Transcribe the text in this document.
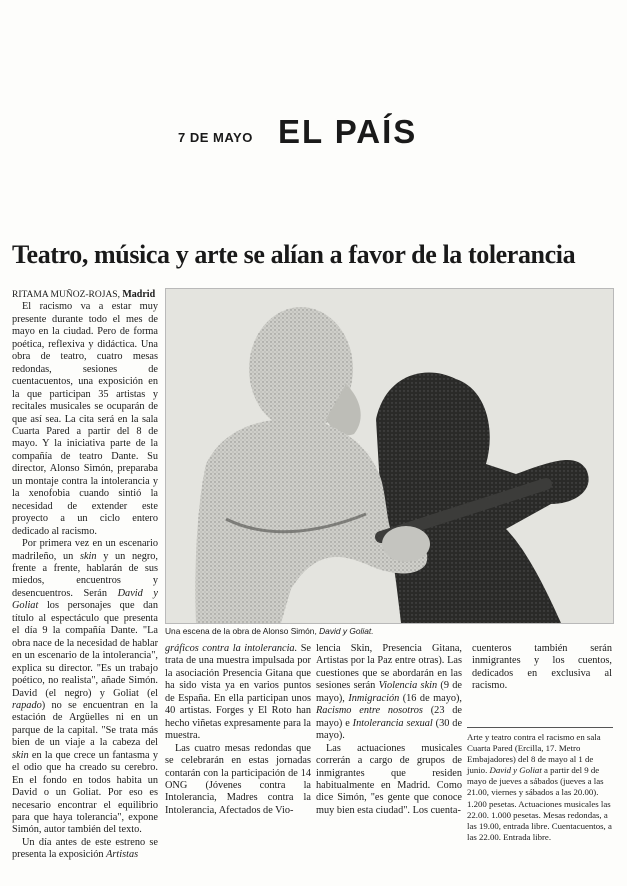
7 DE MAYO EL PAÍS
Teatro, música y arte se alían a favor de la tolerancia

RITAMA MUÑOZ-ROJAS, Madrid

El racismo va a estar muy presente durante todo el mes de mayo en la ciudad. Pero de forma poética, reflexiva y didáctica. Una obra de teatro, cuatro mesas redondas, sesiones de cuentacuentos, una exposición en la que participan 35 artistas y recitales musicales se ocuparán de que así sea. La cita será en la sala Cuarta Pared a partir del 8 de mayo. Y la iniciativa parte de la compañía de teatro Dante. Su director, Alonso Simón, preparaba un montaje contra la intolerancia y la xenofobia cuando sintió la necesidad de extender este proyecto a un ciclo entero dedicado al racismo.

Por primera vez en un escenario madrileño, un skin y un negro, frente a frente, hablarán de sus miedos, encuentros y desencuentros. Serán David y Goliat los personajes que dan título al espectáculo que presenta el día 9 la compañía Dante. "La obra nace de la necesidad de hablar en un escenario de la intolerancia", explica su director. "Es un trabajo poético, no realista", añade Simón. David (el negro) y Goliat (el rapado) no se encuentran en la estación de Argüelles ni en un parque de la capital. "Se trata más bien de un viaje a la cabeza del skin en la que crece un fantasma y el odio que ha creado su cerebro. En el fondo en todos habita un David o un Goliat. Por eso es necesario encontrar el equilibrio para que haya tolerancia", expone Simón, autor también del texto.

Un día antes de este estreno se presenta la exposición Artistas

Una escena de la obra de Alonso Simón, David y Goliat.

gráficos contra la intolerancia. Se trata de una muestra impulsada por la asociación Presencia Gitana que ha sido vista ya en varios puntos de España. En ella participan unos 40 artistas. Forges y El Roto han hecho viñetas expresamente para la muestra.

Las cuatro mesas redondas que se celebrarán en estas jornadas contarán con la participación de 14 ONG (Jóvenes contra la Intolerancia, Madres contra la Intolerancia, Afectados de Vio-

lencia Skin, Presencia Gitana, Artistas por la Paz entre otras). Las cuestiones que se abordarán en las sesiones serán Violencia skin (9 de mayo), Inmigración (16 de mayo), Racismo entre nosotros (23 de mayo) e Intolerancia sexual (30 de mayo).

Las actuaciones musicales correrán a cargo de grupos de inmigrantes que residen habitualmente en Madrid. Como dice Simón, "es gente que conoce muy bien esta ciudad". Los cuenta-

cuenteros también serán inmigrantes y los cuentos, dedicados en exclusiva al racismo.

Arte y teatro contra el racismo en sala Cuarta Pared (Ercilla, 17. Metro Embajadores) del 8 de mayo al 1 de junio. David y Goliat a partir del 9 de mayo de jueves a sábados (jueves a las 21.00, viernes y sábados a las 20.00). 1.200 pesetas. Actuaciones musicales las 22.00. 1.000 pesetas. Mesas redondas, a las 19.00, entrada libre. Cuentacuentos, a las 22.00. Entrada libre.
